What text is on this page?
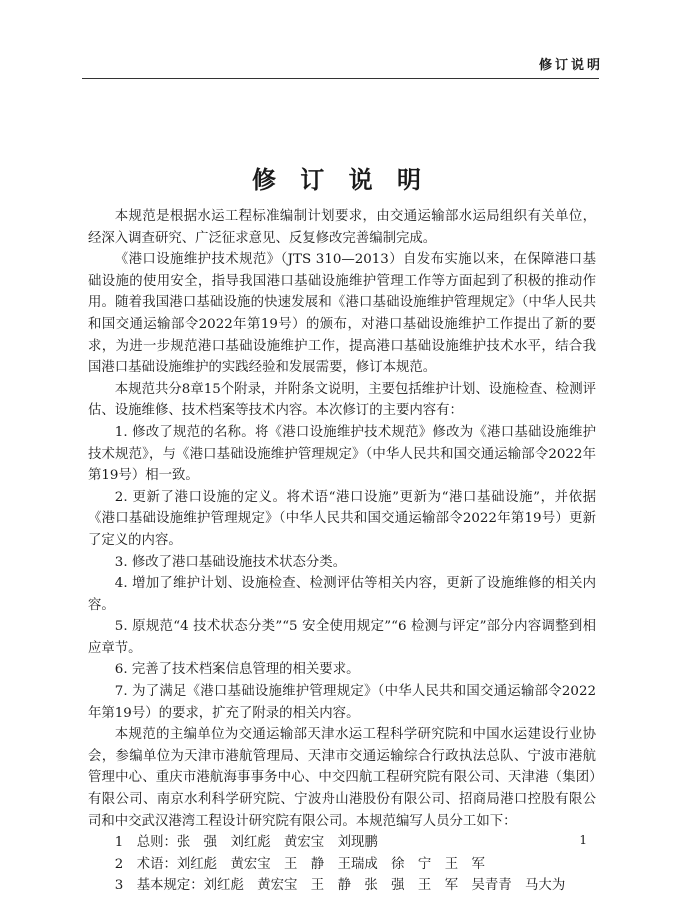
修订说明
修 订 说 明

本规范是根据水运工程标准编制计划要求，由交通运输部水运局组织有关单位，经深入调查研究、广泛征求意见、反复修改完善编制完成。

《港口设施维护技术规范》（JTS 310—2013）自发布实施以来，在保障港口基础设施的使用安全，指导我国港口基础设施维护管理工作等方面起到了积极的推动作用。随着我国港口基础设施的快速发展和《港口基础设施维护管理规定》（中华人民共和国交通运输部令2022年第19号）的颁布，对港口基础设施维护工作提出了新的要求，为进一步规范港口基础设施维护工作，提高港口基础设施维护技术水平，结合我国港口基础设施维护的实践经验和发展需要，修订本规范。

本规范共分8章15个附录，并附条文说明，主要包括维护计划、设施检查、检测评估、设施维修、技术档案等技术内容。本次修订的主要内容有：

1. 修改了规范的名称。将《港口设施维护技术规范》修改为《港口基础设施维护技术规范》，与《港口基础设施维护管理规定》（中华人民共和国交通运输部令2022年第19号）相一致。

2. 更新了港口设施的定义。将术语“港口设施”更新为“港口基础设施”，并依据《港口基础设施维护管理规定》（中华人民共和国交通运输部令2022年第19号）更新了定义的内容。

3. 修改了港口基础设施技术状态分类。

4. 增加了维护计划、设施检查、检测评估等相关内容，更新了设施维修的相关内容。

5. 原规范“4 技术状态分类”“5 安全使用规定”“6 检测与评定”部分内容调整到相应章节。

6. 完善了技术档案信息管理的相关要求。

7. 为了满足《港口基础设施维护管理规定》（中华人民共和国交通运输部令2022年第19号）的要求，扩充了附录的相关内容。

本规范的主编单位为交通运输部天津水运工程科学研究院和中国水运建设行业协会，参编单位为天津市港航管理局、天津市交通运输综合行政执法总队、宁波市港航管理中心、重庆市港航海事事务中心、中交四航工程研究院有限公司、天津港（集团）有限公司、南京水利科学研究院、宁波舟山港股份有限公司、招商局港口控股有限公司和中交武汉港湾工程设计研究院有限公司。本规范编写人员分工如下：

1　总则：张　强　刘红彪　黄宏宝　刘现鹏
2　术语：刘红彪　黄宏宝　王　静　王瑞成　徐　宁　王　军
3　基本规定：刘红彪　黄宏宝　王　静　张　强　王　军　吴青青　马大为
1
